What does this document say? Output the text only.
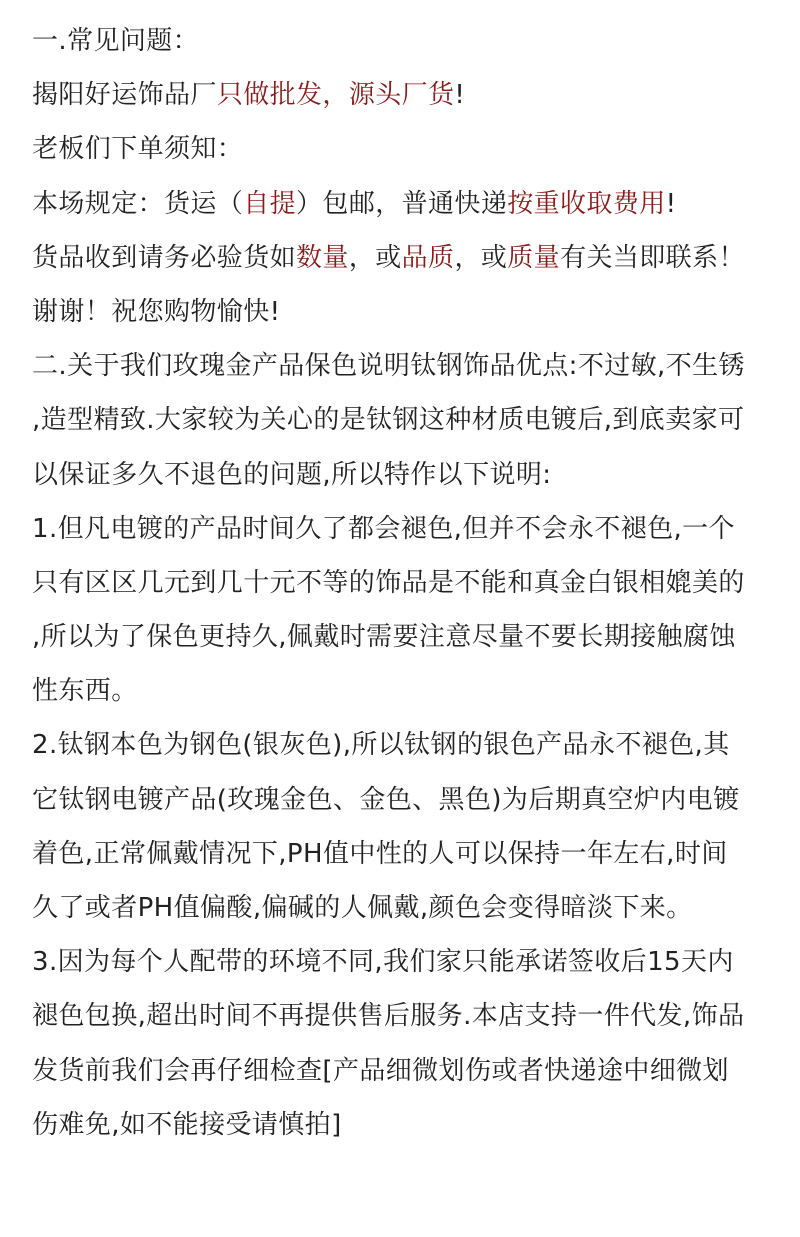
一.常见问题：
揭阳好运饰品厂只做批发，源头厂货!
老板们下单须知：
本场规定：货运（自提）包邮，普通快递按重收取费用!
货品收到请务必验货如数量，或品质，或质量有关当即联系！
谢谢！祝您购物愉快!
二.关于我们玫瑰金产品保色说明钛钢饰品优点:不过敏,不生锈
,造型精致.大家较为关心的是钛钢这种材质电镀后,到底卖家可
以保证多久不退色的问题,所以特作以下说明:
1.但凡电镀的产品时间久了都会褪色,但并不会永不褪色,一个
只有区区几元到几十元不等的饰品是不能和真金白银相媲美的
,所以为了保色更持久,佩戴时需要注意尽量不要长期接触腐蚀
性东西。
2.钛钢本色为钢色(银灰色),所以钛钢的银色产品永不褪色,其
它钛钢电镀产品(玫瑰金色、金色、黑色)为后期真空炉内电镀
着色,正常佩戴情况下,PH值中性的人可以保持一年左右,时间
久了或者PH值偏酸,偏碱的人佩戴,颜色会变得暗淡下来。
3.因为每个人配带的环境不同,我们家只能承诺签收后15天内
褪色包换,超出时间不再提供售后服务.本店支持一件代发,饰品
发货前我们会再仔细检查[产品细微划伤或者快递途中细微划
伤难免,如不能接受请慎拍]
